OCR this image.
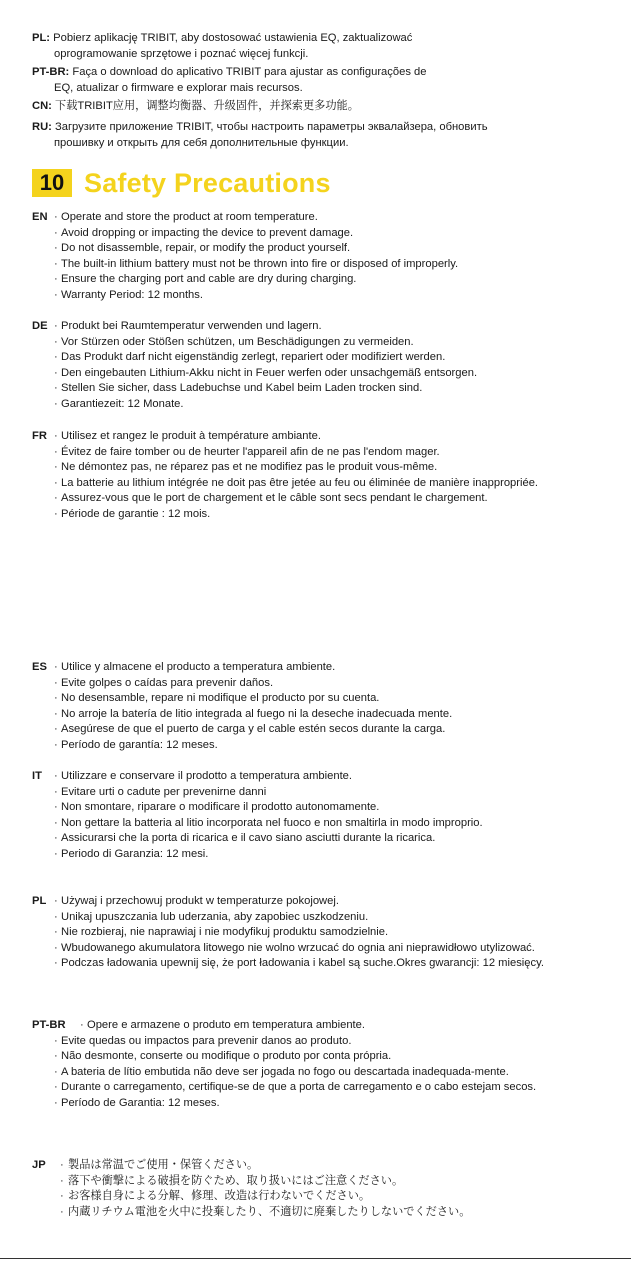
PL: Pobierz aplikację TRIBIT, aby dostosować ustawienia EQ, zaktualizować
oprogramowanie sprzętowe i poznać więcej funkcji.
PT-BR: Faça o download do aplicativo TRIBIT para ajustar as configurações de
EQ, atualizar o firmware e explorar mais recursos.
CN: 下载TRIBIT应用，调整均衡器、升级固件，并探索更多功能。
RU: Загрузите приложение TRIBIT, чтобы настроить параметры эквалайзера, обновить
прошивку и открыть для себя дополнительные функции.
10 Safety Precautions
EN	· Operate and store the product at room temperature.
· Avoid dropping or impacting the device to prevent damage.
· Do not disassemble, repair, or modify the product yourself.
· The built-in lithium battery must not be thrown into fire or disposed of improperly.
· Ensure the charging port and cable are dry during charging.
· Warranty Period: 12 months.
DE	· Produkt bei Raumtemperatur verwenden und lagern.
· Vor Stürzen oder Stößen schützen, um Beschädigungen zu vermeiden.
· Das Produkt darf nicht eigenständig zerlegt, repariert oder modifiziert werden.
· Den eingebauten Lithium-Akku nicht in Feuer werfen oder unsachgemäß entsorgen.
· Stellen Sie sicher, dass Ladebuchse und Kabel beim Laden trocken sind.
· Garantiezeit: 12 Monate.
FR	· Utilisez et rangez le produit à température ambiante.
· Évitez de faire tomber ou de heurter l'appareil afin de ne pas l'endom mager.
· Ne démontez pas, ne réparez pas et ne modifiez pas le produit vous-même.
· La batterie au lithium intégrée ne doit pas être jetée au feu ou éliminée de manière inappropriée.
· Assurez-vous que le port de chargement et le câble sont secs pendant le chargement.
· Période de garantie : 12 mois.
ES	· Utilice y almacene el producto a temperatura ambiente.
· Evite golpes o caídas para prevenir daños.
· No desensamble, repare ni modifique el producto por su cuenta.
· No arroje la batería de litio integrada al fuego ni la deseche inadecuada mente.
· Asegúrese de que el puerto de carga y el cable estén secos durante la carga.
· Período de garantía: 12 meses.
IT	· Utilizzare e conservare il prodotto a temperatura ambiente.
· Evitare urti o cadute per prevenirne danni
· Non smontare, riparare o modificare il prodotto autonomamente.
· Non gettare la batteria al litio incorporata nel fuoco e non smaltirla in modo improprio.
· Assicurarsi che la porta di ricarica e il cavo siano asciutti durante la ricarica.
· Periodo di Garanzia: 12 mesi.
PL	· Używaj i przechowuj produkt w temperaturze pokojowej.
· Unikaj upuszczania lub uderzania, aby zapobiec uszkodzeniu.
· Nie rozbieraj, nie naprawiaj i nie modyfikuj produktu samodzielnie.
· Wbudowanego akumulatora litowego nie wolno wrzucać do ognia ani nieprawidłowo utylizować.
· Podczas ładowania upewnij się, że port ładowania i kabel są suche.Okres gwarancji: 12 miesięcy.
PT-BR	· Opere e armazene o produto em temperatura ambiente.
· Evite quedas ou impactos para prevenir danos ao produto.
· Não desmonte, conserte ou modifique o produto por conta própria.
· A bateria de lítio embutida não deve ser jogada no fogo ou descartada inadequada-mente.
· Durante o carregamento, certifique-se de que a porta de carregamento e o cabo estejam secos.
· Período de Garantia: 12 meses.
JP	· 製品は常温でご使用・保管ください。
· 落下や衝撃による破損を防ぐため、取り扱いにはご注意ください。
· お客様自身による分解、修理、改造は行わないでください。
· 内蔵リチウム電池を火中に投棄したり、不適切に廃棄したりしないでください。
